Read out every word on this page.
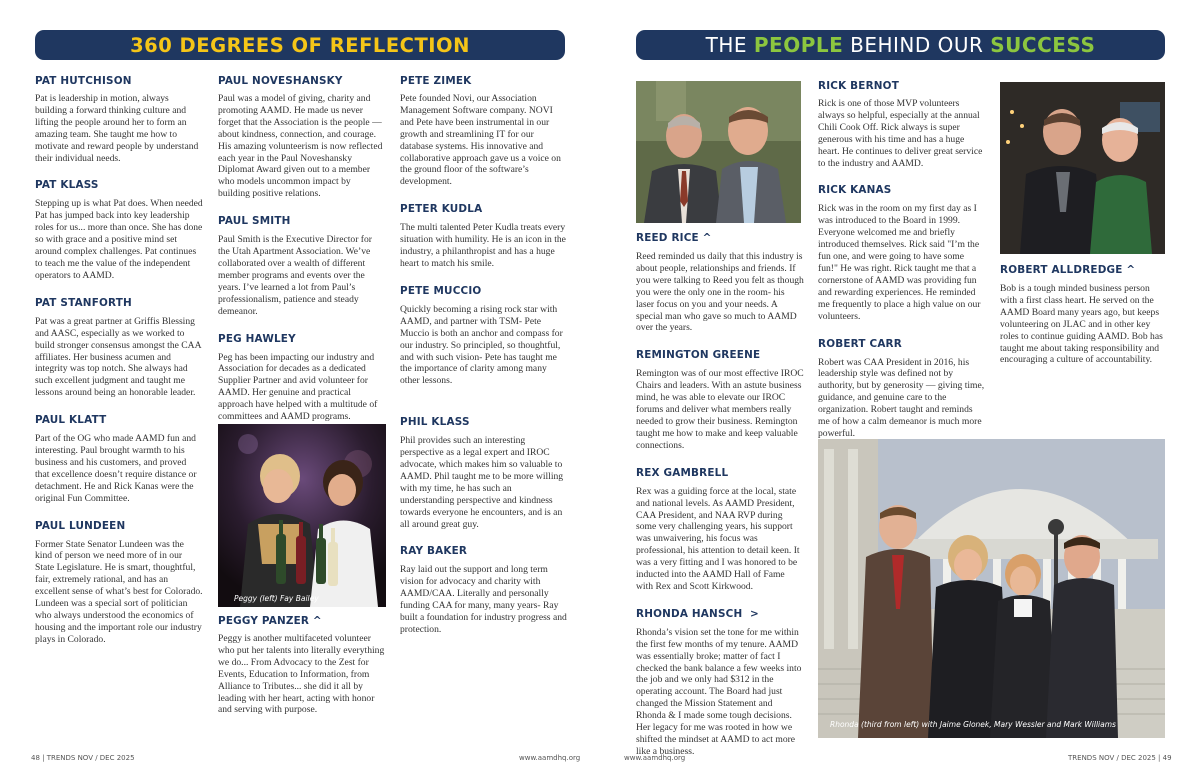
360 DEGREES OF REFLECTION	THE PEOPLE BEHIND OUR SUCCESS
PAT HUTCHISON
Pat is leadership in motion, always building a forward thinking culture and lifting the people around her to form an amazing team. She taught me how to motivate and reward people by understand their individual needs.
PAT KLASS
Stepping up is what Pat does. When needed Pat has jumped back into key leadership roles for us... more than once. She has done so with grace and a positive mind set around complex challenges. Pat continues to teach me the value of the independent operators to AAMD.
PAT STANFORTH
Pat was a great partner at Griffis Blessing and AASC, especially as we worked to build stronger consensus amongst the CAA affiliates. Her business acumen and integrity was top notch. She always had such excellent judgment and taught me lessons around being an honorable leader.
PAUL KLATT
Part of the OG who made AAMD fun and interesting. Paul brought warmth to his business and his customers, and proved that excellence doesn’t require distance or detachment. He and Rick Kanas were the original Fun Committee.
PAUL LUNDEEN
Former State Senator Lundeen was the kind of person we need more of in our State Legislature. He is smart, thoughtful, fair, extremely rational, and has an excellent sense of what’s best for Colorado. Lundeen was a special sort of politician who always understood the economics of housing and the important role our industry plays in Colorado.
PAUL NOVESHANSKY
Paul was a model of giving, charity and promoting AAMD. He made us never forget that the Association is the people — about kindness, connection, and courage. His amazing volunteerism is now reflected each year in the Paul Noveshansky Diplomat Award given out to a member who models uncommon impact by building positive relations.
PAUL SMITH
Paul Smith is the Executive Director for the Utah Apartment Association. We’ve collaborated over a wealth of different member programs and events over the years. I’ve learned a lot from Paul’s professionalism, patience and steady demeanor.
PEG HAWLEY
Peg has been impacting our industry and Association for decades as a dedicated Supplier Partner and avid volunteer for AAMD. Her genuine and practical approach have helped with a multitude of committees and AAMD programs.
Peggy (left) Fay Bailey
PEGGY PANZER ^
Peggy is another multifaceted volunteer who put her talents into literally everything we do... From Advocacy to the Zest for Events, Education to Information, from Alliance to Tributes... she did it all by leading with her heart, acting with honor and serving with purpose.
PETE ZIMEK
Pete founded Novi, our Association Management Software company. NOVI and Pete have been instrumental in our growth and streamlining IT for our database systems. His innovative and collaborative approach gave us a voice on the ground floor of the software’s development.
PETER KUDLA
The multi talented Peter Kudla treats every situation with humility. He is an icon in the industry, a philanthropist and has a huge heart to match his smile.
PETE MUCCIO
Quickly becoming a rising rock star with AAMD, and partner with TSM- Pete Muccio is both an anchor and compass for our industry. So principled, so thoughtful, and with such vision- Pete has taught me the importance of clarity among many other lessons.
PHIL KLASS
Phil provides such an interesting perspective as a legal expert and IROC advocate, which makes him so valuable to AAMD. Phil taught me to be more willing with my time, he has such an understanding perspective and kindness towards everyone he encounters, and is an all around great guy.
RAY BAKER
Ray laid out the support and long term vision for advocacy and charity with AAMD/CAA. Literally and personally funding CAA for many, many years- Ray built a foundation for industry progress and protection.
REED RICE ^
Reed reminded us daily that this industry is about people, relationships and friends. If you were talking to Reed you felt as though you were the only one in the room- his laser focus on you and your needs. A special man who gave so much to AAMD over the years.
REMINGTON GREENE
Remington was of our most effective IROC Chairs and leaders. With an astute business mind, he was able to elevate our IROC forums and deliver what members really needed to grow their business. Remington taught me how to make and keep valuable connections.
REX GAMBRELL
Rex was a guiding force at the local, state and national levels. As AAMD President, CAA President, and NAA RVP during some very challenging years, his support was unwaivering, his focus was professional, his attention to detail keen. It was a very fitting and I was honored to be inducted into the AAMD Hall of Fame with Rex and Scott Kirkwood.
RHONDA HANSCH  >
Rhonda’s vision set the tone for me within the first few months of my tenure. AAMD was essentially broke; matter of fact I checked the bank balance a few weeks into the job and we only had $312 in the operating account. The Board had just changed the Mission Statement and Rhonda & I made some tough decisions. Her legacy for me was rooted in how we shifted the mindset at AAMD to act more like a business.
RICK BERNOT
Rick is one of those MVP volunteers always so helpful, especially at the annual Chili Cook Off. Rick always is super generous with his time and has a huge heart. He continues to deliver great service to the industry and AAMD.
RICK KANAS
Rick was in the room on my first day as I was introduced to the Board in 1999. Everyone welcomed me and briefly introduced themselves. Rick said "I’m the fun one, and were going to have some fun!" He was right. Rick taught me that a cornerstone of AAMD was providing fun and rewarding experiences. He reminded me frequently to place a high value on our volunteers.
ROBERT CARR
Robert was CAA President in 2016, his leadership style was defined not by authority, but by generosity — giving time, guidance, and genuine care to the organization. Robert taught and reminds me of how a calm demeanor is much more powerful.
ROBERT ALLDREDGE ^
Bob is a tough minded business person with a first class heart. He served on the AAMD Board many years ago, but keeps volunteering on JLAC and in other key roles to continue guiding AAMD. Bob has taught me about taking responsibility and encouraging a culture of accountability.
Rhonda (third from left) with Jaime Glonek, Mary Wessler and Mark Williams
48 | TRENDS NOV / DEC 2025	www.aamdhq.org	www.aamdhq.org	TRENDS NOV / DEC 2025 | 49
